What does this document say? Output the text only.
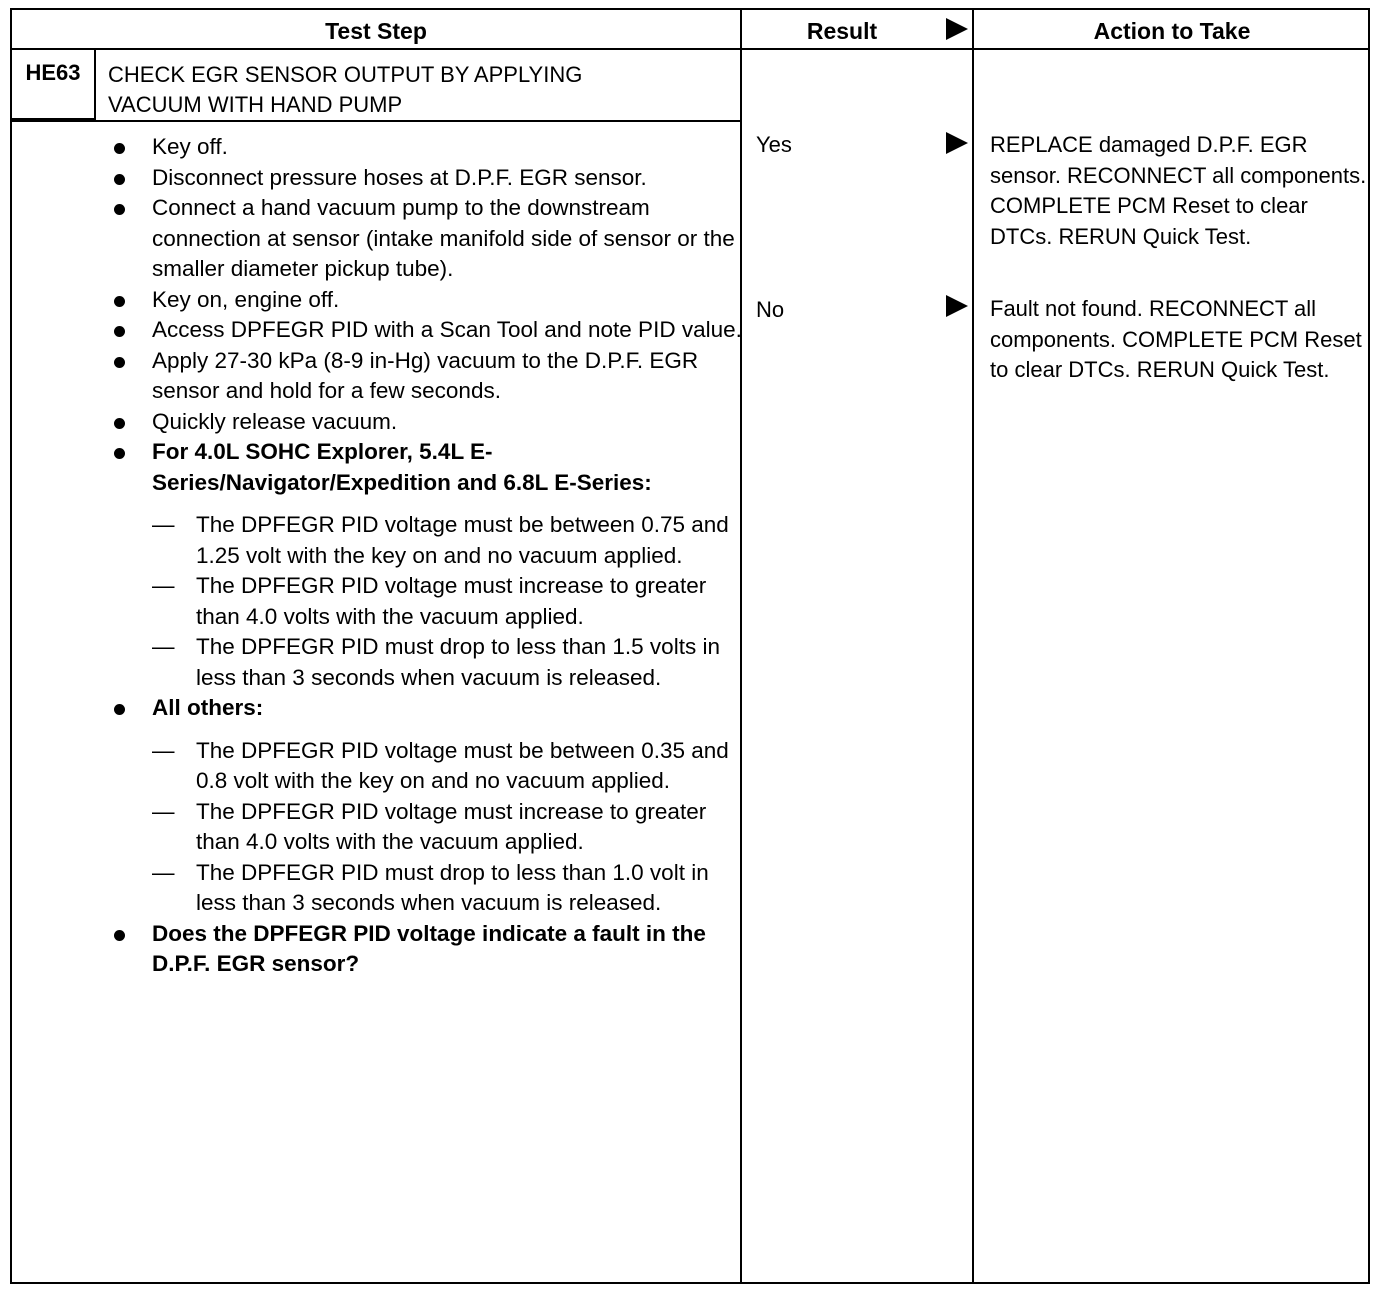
Test Step	Result	Action to Take
HE63	CHECK EGR SENSOR OUTPUT BY APPLYING
VACUUM WITH HAND PUMP

Key off.

Disconnect pressure hoses at D.P.F. EGR sensor.

Connect a hand vacuum pump to the downstream connection at sensor (intake manifold side of sensor or the smaller diameter pickup tube).

Key on, engine off.

Access DPFEGR PID with a Scan Tool and note PID value.

Apply 27-30 kPa (8-9 in-Hg) vacuum to the D.P.F. EGR sensor and hold for a few seconds.

Quickly release vacuum.

For 4.0L SOHC Explorer, 5.4L E-Series/Navigator/Expedition and 6.8L E-Series:

— The DPFEGR PID voltage must be between 0.75 and 1.25 volt with the key on and no vacuum applied.

— The DPFEGR PID voltage must increase to greater than 4.0 volts with the vacuum applied.

— The DPFEGR PID must drop to less than 1.5 volts in less than 3 seconds when vacuum is released.

All others:

— The DPFEGR PID voltage must be between 0.35 and 0.8 volt with the key on and no vacuum applied.

— The DPFEGR PID voltage must increase to greater than 4.0 volts with the vacuum applied.

— The DPFEGR PID must drop to less than 1.0 volt in less than 3 seconds when vacuum is released.

Does the DPFEGR PID voltage indicate a fault in the D.P.F. EGR sensor?

Yes	REPLACE damaged D.P.F. EGR sensor. RECONNECT all components. COMPLETE PCM Reset to clear DTCs. RERUN Quick Test.
No	Fault not found. RECONNECT all components. COMPLETE PCM Reset to clear DTCs. RERUN Quick Test.
